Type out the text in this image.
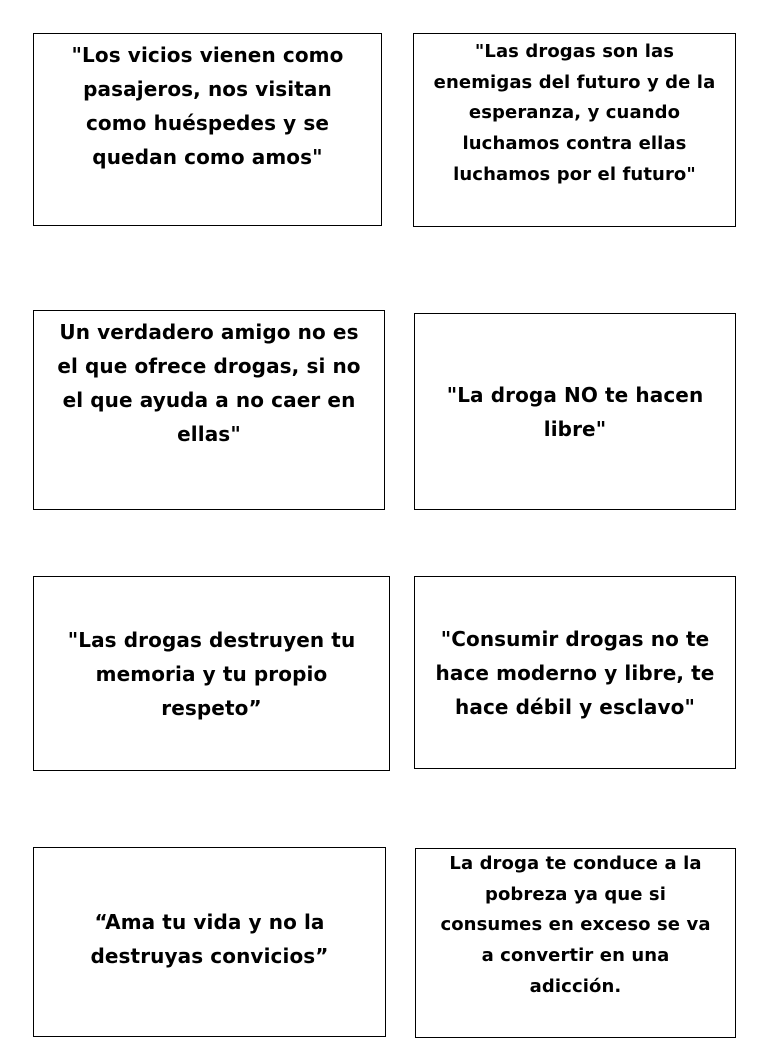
"Los vicios vienen como
pasajeros, nos visitan
como huéspedes y se
quedan como amos"

"Las drogas son las
enemigas del futuro y de la
esperanza, y cuando
luchamos contra ellas
luchamos por el futuro"

Un verdadero amigo no es
el que ofrece drogas, si no
el que ayuda a no caer en
ellas"

"La droga NO te hacen
libre"

"Las drogas destruyen tu
memoria y tu propio
respeto”

"Consumir drogas no te
hace moderno y libre, te
hace débil y esclavo"

“Ama tu vida y no la
destruyas convicios”

La droga te conduce a la
pobreza ya que si
consumes en exceso se va
a convertir en una
adicción.
